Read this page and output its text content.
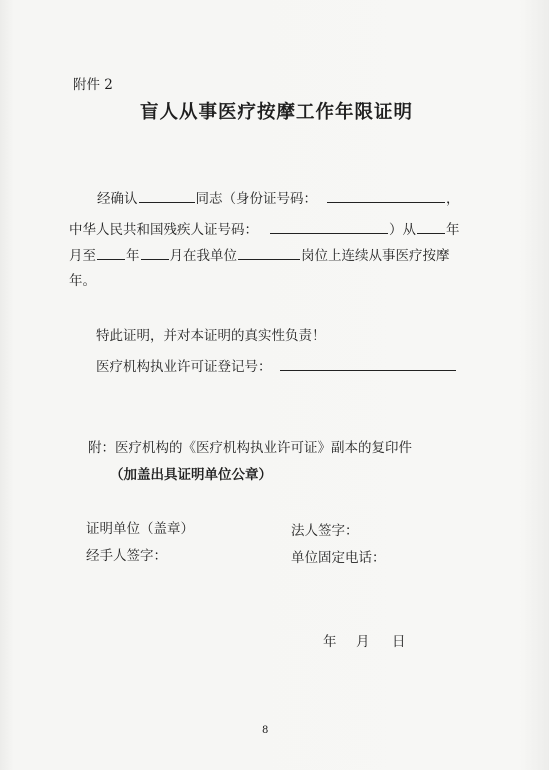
附件 2
盲人从事医疗按摩工作年限证明
经确认	同志（身份证号码：	，
中华人民共和国残疾人证号码：	）从 年
月至 年 月在我单位	岗位上连续从事医疗按摩
年。
特此证明，并对本证明的真实性负责！
医疗机构执业许可证登记号：
附：医疗机构的《医疗机构执业许可证》副本的复印件
（加盖出具证明单位公章）
证明单位（盖章）	法人签字：
经手人签字：	单位固定电话：
年 月 日
8
